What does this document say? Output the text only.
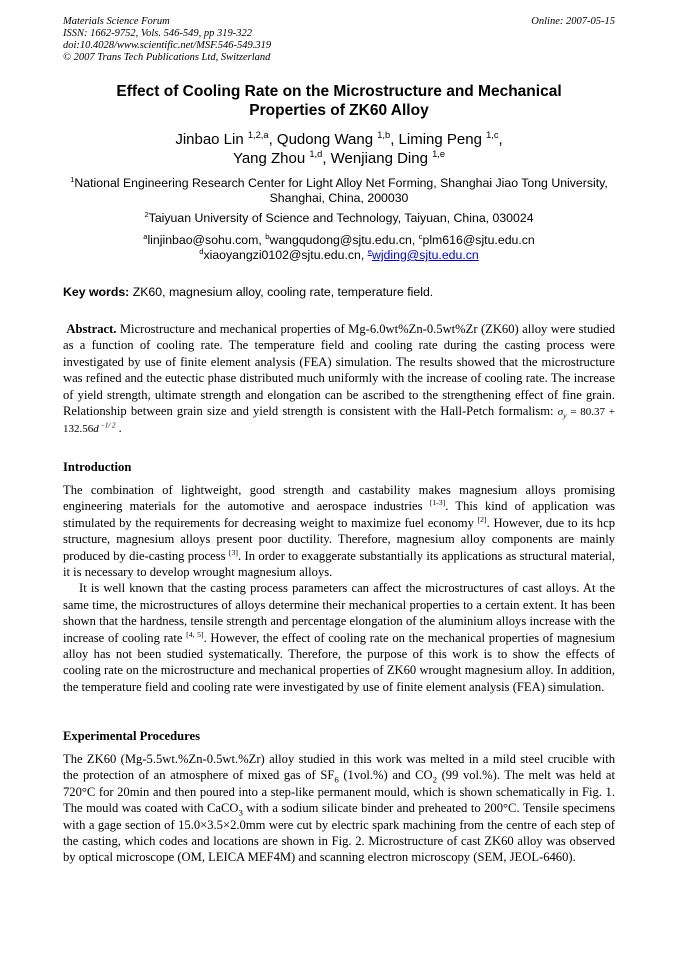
Materials Science Forum
ISSN: 1662-9752, Vols. 546-549, pp 319-322
doi:10.4028/www.scientific.net/MSF.546-549.319
© 2007 Trans Tech Publications Ltd, Switzerland
Online: 2007-05-15
Effect of Cooling Rate on the Microstructure and Mechanical
Properties of ZK60 Alloy
Jinbao Lin $^{1,2,a}$, Qudong Wang $^{1,b}$, Liming Peng $^{1,c}$,
Yang Zhou $^{1,d}$, Wenjiang Ding $^{1,e}$
$^1$National Engineering Research Center for Light Alloy Net Forming, Shanghai Jiao Tong University,
Shanghai, China, 200030
$^2$Taiyuan University of Science and Technology, Taiyuan, China, 030024
$^a$linjinbao@sohu.com, $^b$wangqudong@sjtu.edu.cn, $^c$plm616@sjtu.edu.cn
$^d$xiaoyangzi0102@sjtu.edu.cn, $^e$wjding@sjtu.edu.cn
Key words: ZK60, magnesium alloy, cooling rate, temperature field.
Abstract. Microstructure and mechanical properties of Mg-6.0wt%Zn-0.5wt%Zr (ZK60) alloy were studied as a function of cooling rate. The temperature field and cooling rate during the casting process were investigated by use of finite element analysis (FEA) simulation. The results showed that the microstructure was refined and the eutectic phase distributed much uniformly with the increase of cooling rate. The increase of yield strength, ultimate strength and elongation can be ascribed to the strengthening effect of fine grain. Relationship between grain size and yield strength is consistent with the Hall-Petch formalism: $\sigma_y = 80.37 + 132.56d$ $^{-1/ 2}$ .
Introduction

The combination of lightweight, good strength and castability makes magnesium alloys promising engineering materials for the automotive and aerospace industries [1-3]. This kind of application was stimulated by the requirements for decreasing weight to maximize fuel economy [2]. However, due to its hcp structure, magnesium alloys present poor ductility. Therefore, magnesium alloy components are mainly produced by die-casting process [3]. In order to exaggerate substantially its applications as structural material, it is necessary to develop wrought magnesium alloys.

It is well known that the casting process parameters can affect the microstructures of cast alloys. At the same time, the microstructures of alloys determine their mechanical properties to a certain extent. It has been shown that the hardness, tensile strength and percentage elongation of the aluminium alloys increase with the increase of cooling rate [4, 5]. However, the effect of cooling rate on the mechanical properties of magnesium alloy has not been studied systematically. Therefore, the purpose of this work is to show the effects of cooling rate on the microstructure and mechanical properties of ZK60 wrought magnesium alloy. In addition, the temperature field and cooling rate were investigated by use of finite element analysis (FEA) simulation.

Experimental Procedures

The ZK60 (Mg-5.5wt.%Zn-0.5wt.%Zr) alloy studied in this work was melted in a mild steel crucible with the protection of an atmosphere of mixed gas of $SF_6$ (1vol.%) and $CO_2$ (99 vol.%). The melt was held at 720°C for 20min and then poured into a step-like permanent mould, which is shown schematically in Fig. 1. The mould was coated with CaCO$_3$ with a sodium silicate binder and preheated to 200°C. Tensile specimens with a gage section of 15.0×3.5×2.0mm were cut by electric spark machining from the centre of each step of the casting, which codes and locations are shown in Fig. 2. Microstructure of cast ZK60 alloy was observed by optical microscope (OM, LEICA MEF4M) and scanning electron microscopy (SEM, JEOL-6460).
